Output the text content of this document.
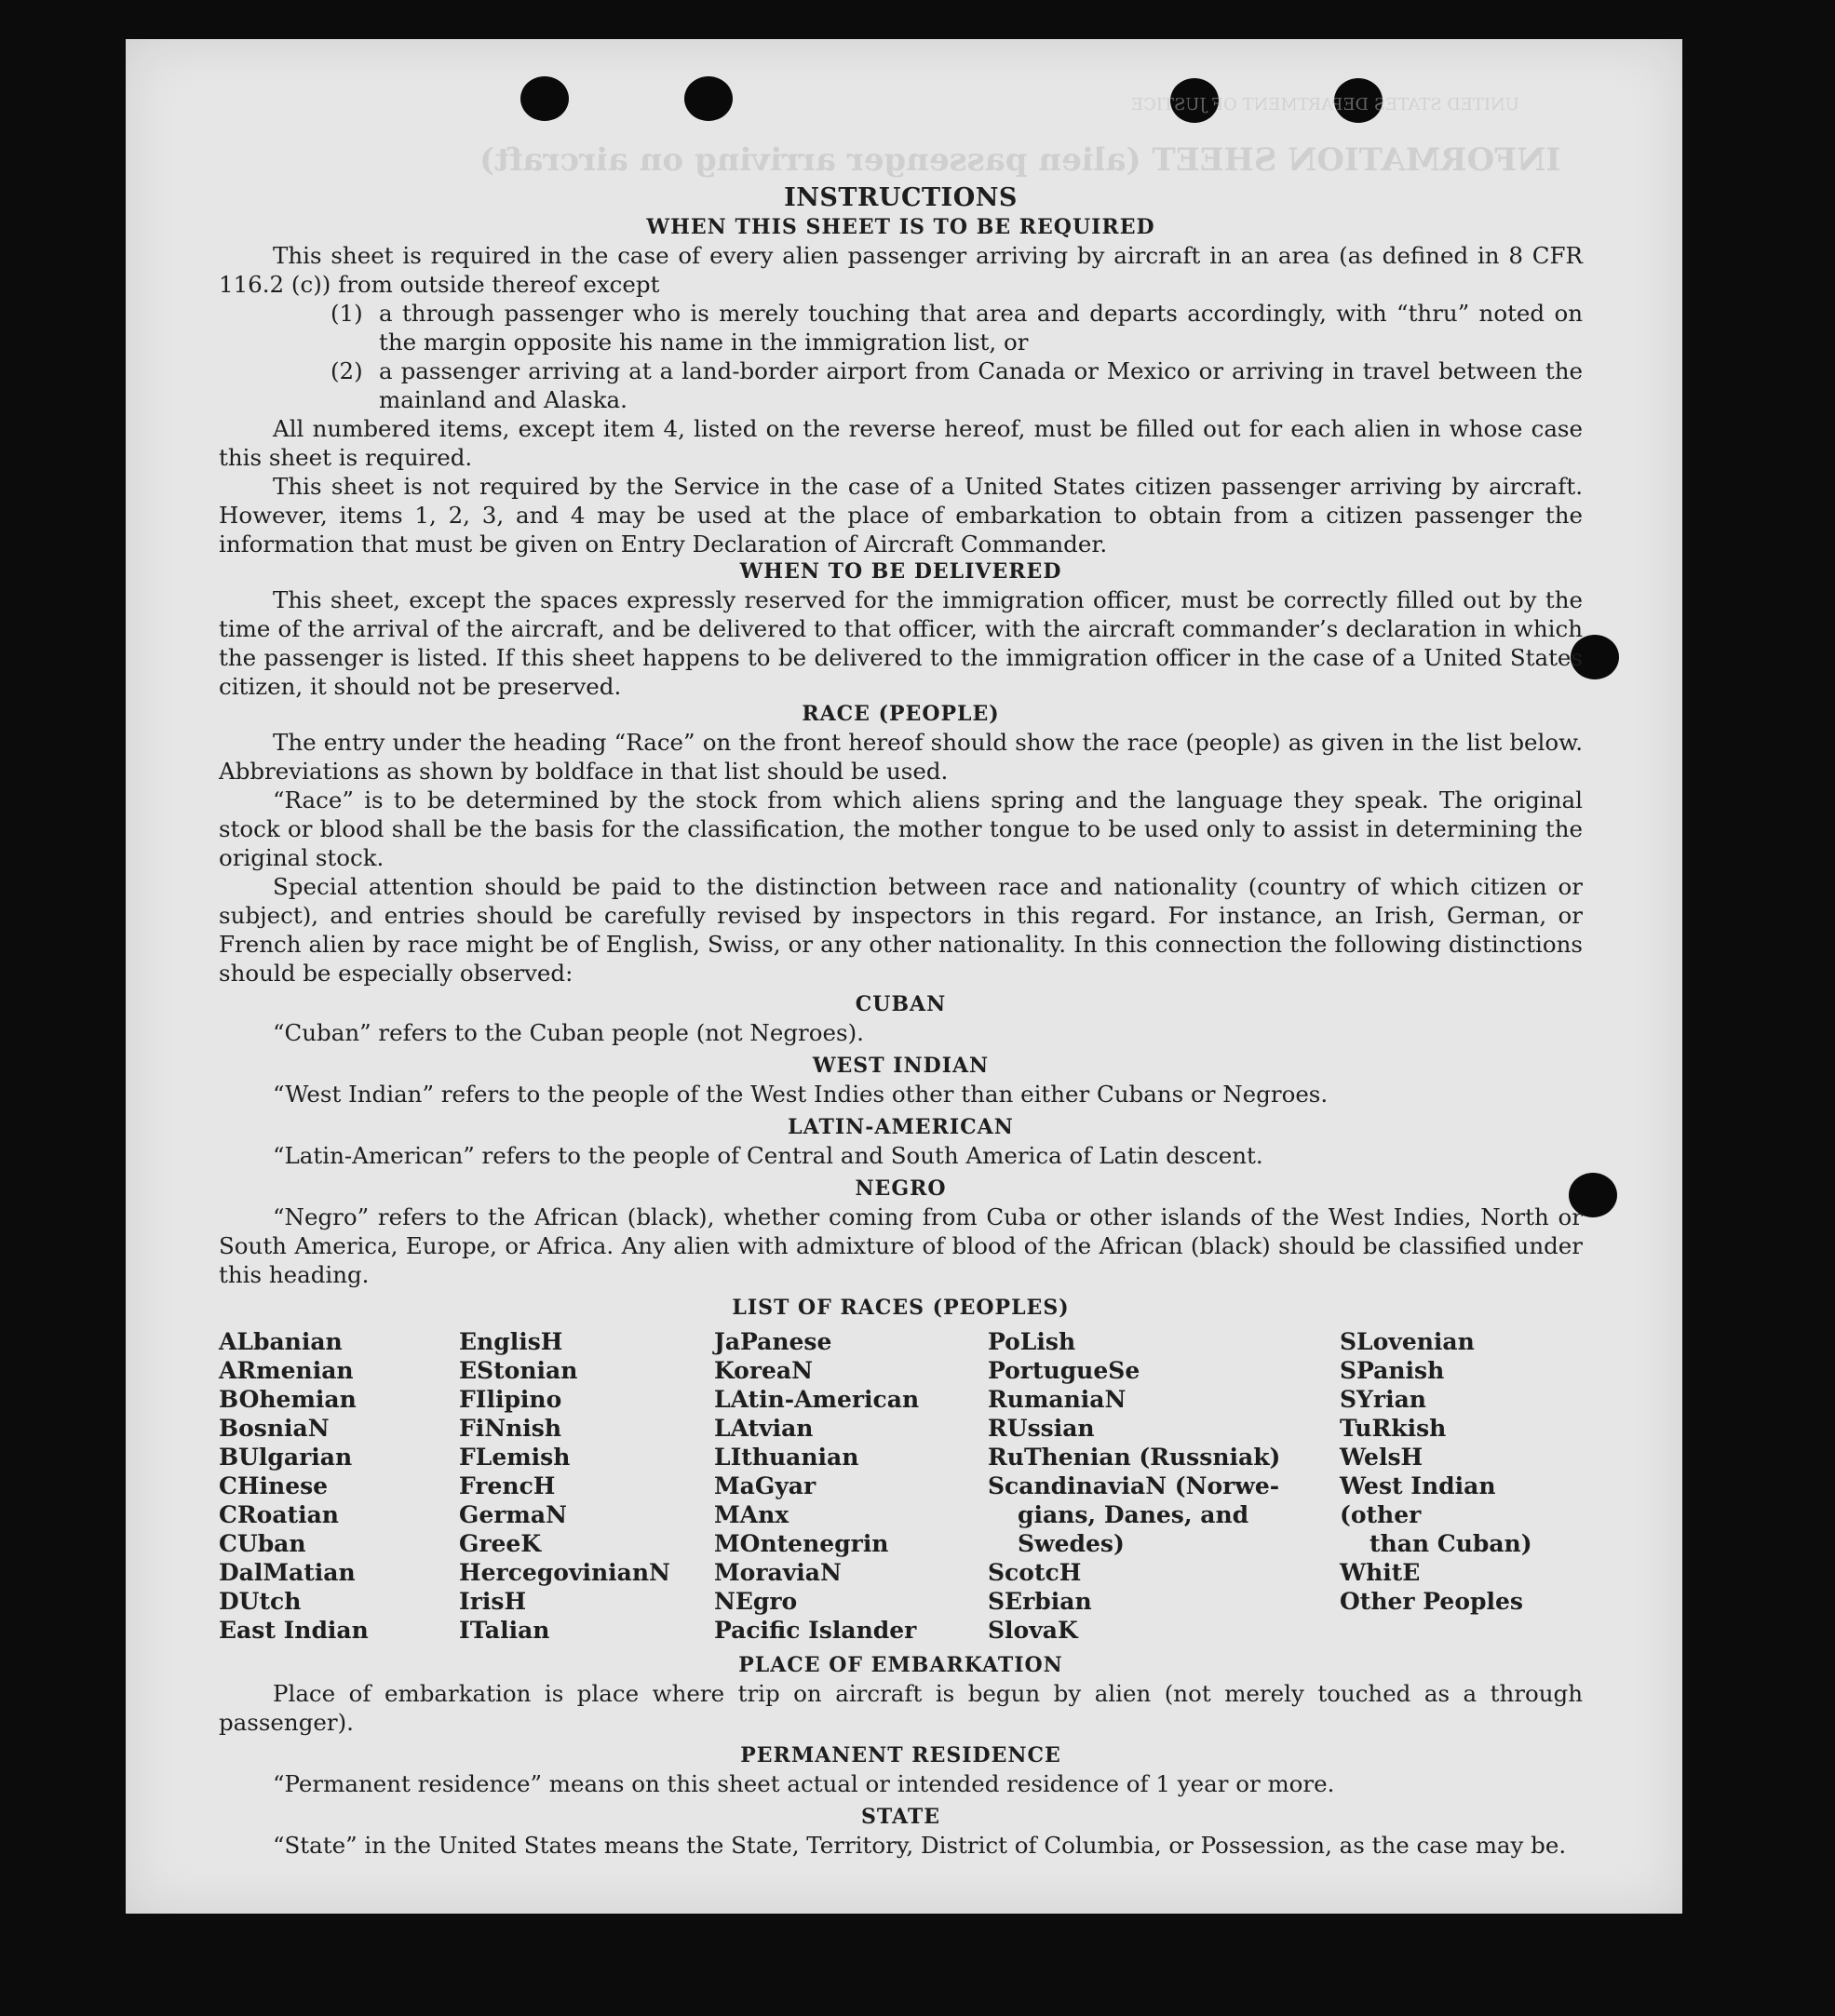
INFORMATION SHEET (alien passenger arriving on aircraft)
UNITED STATES DEPARTMENT OF JUSTICE
INSTRUCTIONS
WHEN THIS SHEET IS TO BE REQUIRED

This sheet is required in the case of every alien passenger arriving by aircraft in an area (as defined in 8 CFR 116.2 (c)) from outside thereof except

(1) a through passenger who is merely touching that area and departs accordingly, with “thru” noted on the margin opposite his name in the immigration list, or
(2) a passenger arriving at a land-border airport from Canada or Mexico or arriving in travel between the mainland and Alaska.

All numbered items, except item 4, listed on the reverse hereof, must be filled out for each alien in whose case this sheet is required.

This sheet is not required by the Service in the case of a United States citizen passenger arriving by aircraft. However, items 1, 2, 3, and 4 may be used at the place of embarkation to obtain from a citizen passenger the information that must be given on Entry Declaration of Aircraft Commander.

WHEN TO BE DELIVERED

This sheet, except the spaces expressly reserved for the immigration officer, must be correctly filled out by the time of the arrival of the aircraft, and be delivered to that officer, with the aircraft commander’s declaration in which the passenger is listed. If this sheet happens to be delivered to the immigration officer in the case of a United States citizen, it should not be preserved.

RACE (PEOPLE)

The entry under the heading “Race” on the front hereof should show the race (people) as given in the list below. Abbreviations as shown by boldface in that list should be used.

“Race” is to be determined by the stock from which aliens spring and the language they speak. The original stock or blood shall be the basis for the classification, the mother tongue to be used only to assist in determining the original stock.

Special attention should be paid to the distinction between race and nationality (country of which citizen or subject), and entries should be carefully revised by inspectors in this regard. For instance, an Irish, German, or French alien by race might be of English, Swiss, or any other nationality. In this connection the following distinctions should be especially observed:

CUBAN

“Cuban” refers to the Cuban people (not Negroes).

WEST INDIAN

“West Indian” refers to the people of the West Indies other than either Cubans or Negroes.

LATIN-AMERICAN

“Latin-American” refers to the people of Central and South America of Latin descent.

NEGRO

“Negro” refers to the African (black), whether coming from Cuba or other islands of the West Indies, North or South America, Europe, or Africa. Any alien with admixture of blood of the African (black) should be classified under this heading.

LIST OF RACES (PEOPLES)
ALbanian
ARmenian
BOhemian
BosniaN
BUlgarian
CHinese
CRoatian
CUban
DalMatian
DUtch
East Indian
EnglisH
EStonian
FIlipino
FiNnish
FLemish
FrencH
GermaN
GreeK
HercegovinianN
IrisH
ITalian
JaPanese
KoreaN
LAtin-American
LAtvian
LIthuanian
MaGyar
MAnx
MOntenegrin
MoraviaN
NEgro
Pacific Islander
PoLish
PortugueSe
RumaniaN
RUssian
RuThenian (Russniak)
ScandinaviaN (Norwe-
gians, Danes, and
Swedes)
ScotcH
SErbian
SlovaK
SLovenian
SPanish
SYrian
TuRkish
WelsH
West Indian (other
than Cuban)
WhitE
Other Peoples
PLACE OF EMBARKATION

Place of embarkation is place where trip on aircraft is begun by alien (not merely touched as a through passenger).

PERMANENT RESIDENCE

“Permanent residence” means on this sheet actual or intended residence of 1 year or more.

STATE

“State” in the United States means the State, Territory, District of Columbia, or Possession, as the case may be.
